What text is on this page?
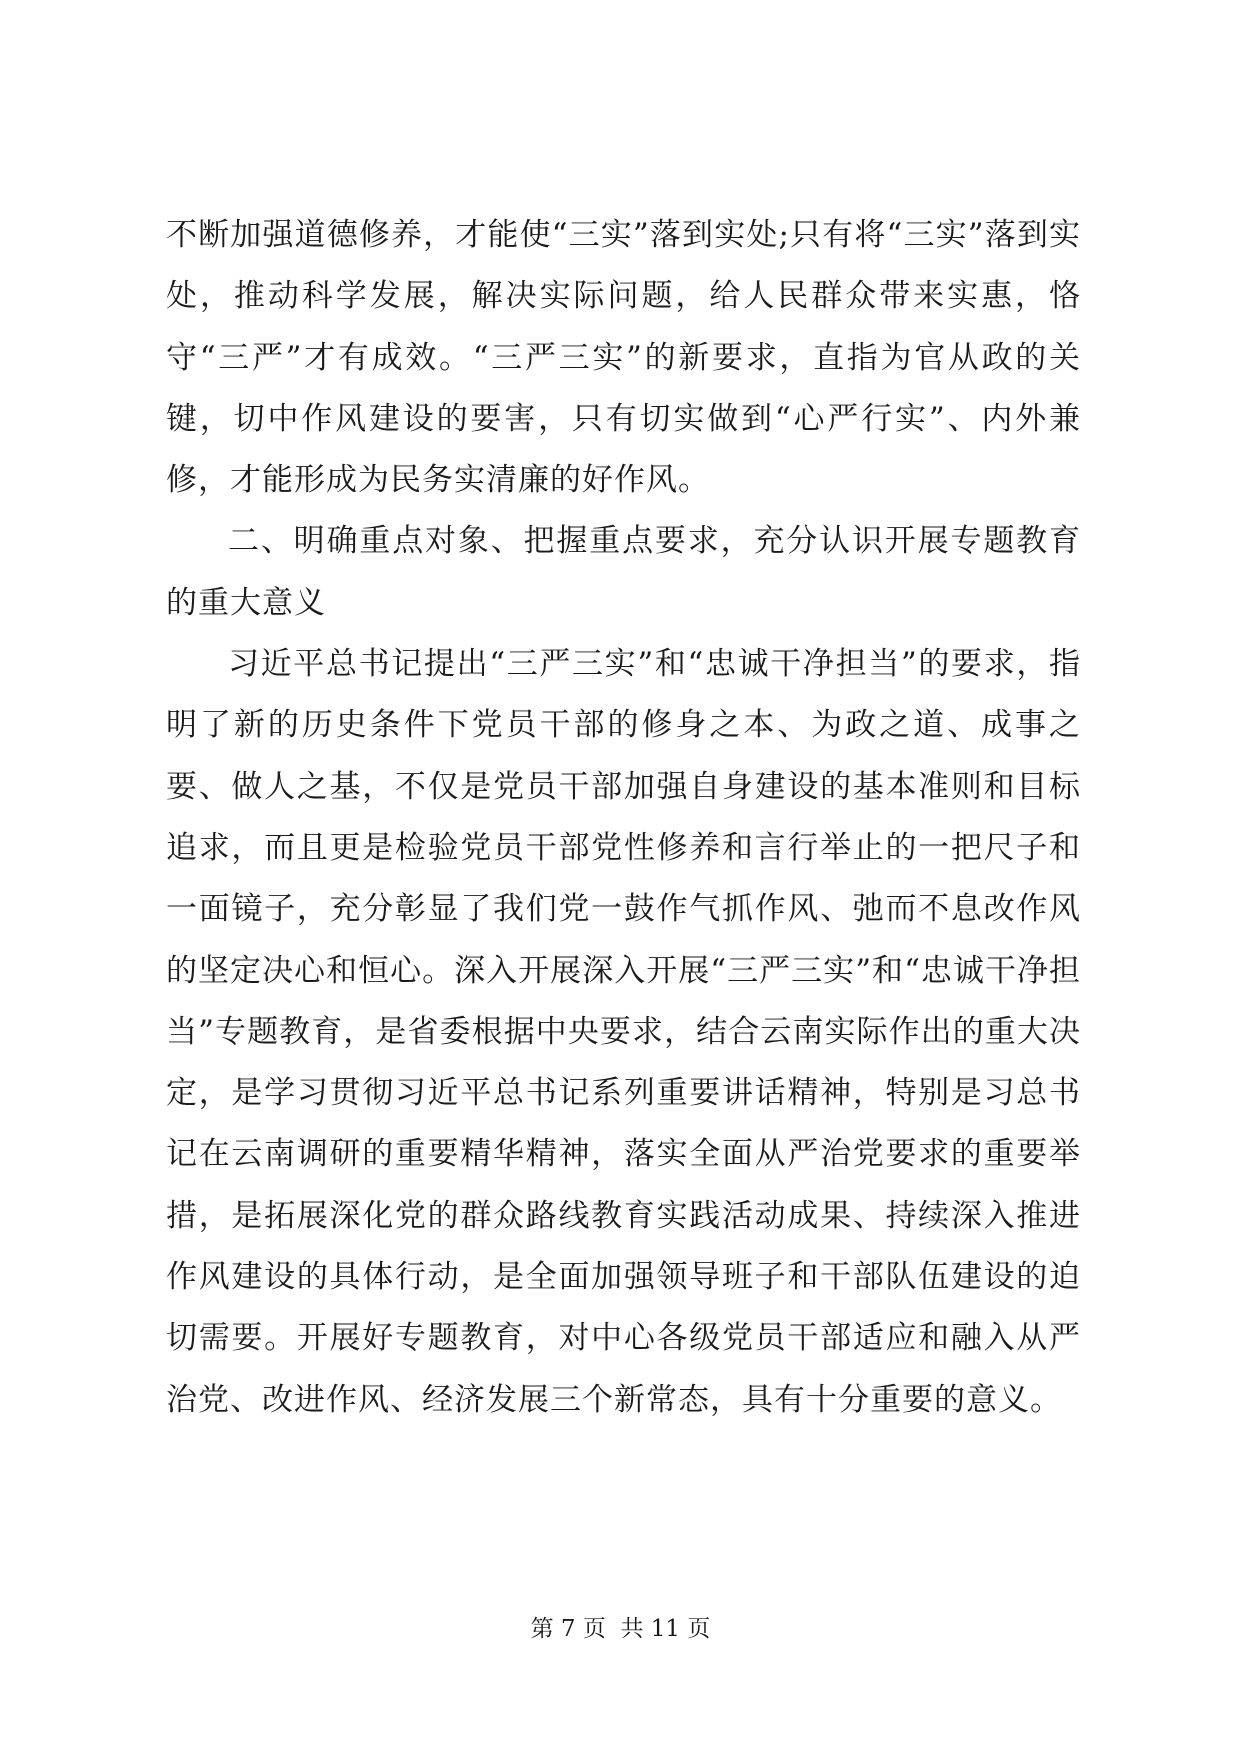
不断加强道德修养，才能使“三实”落到实处;只有将“三实”落到实处，推动科学发展，解决实际问题，给人民群众带来实惠，恪守“三严”才有成效。“三严三实”的新要求，直指为官从政的关键，切中作风建设的要害，只有切实做到“心严行实”、内外兼修，才能形成为民务实清廉的好作风。

二、明确重点对象、把握重点要求，充分认识开展专题教育的重大意义

习近平总书记提出“三严三实”和“忠诚干净担当”的要求，指明了新的历史条件下党员干部的修身之本、为政之道、成事之要、做人之基，不仅是党员干部加强自身建设的基本准则和目标追求，而且更是检验党员干部党性修养和言行举止的一把尺子和一面镜子，充分彰显了我们党一鼓作气抓作风、弛而不息改作风的坚定决心和恒心。深入开展深入开展“三严三实”和“忠诚干净担当”专题教育，是省委根据中央要求，结合云南实际作出的重大决定，是学习贯彻习近平总书记系列重要讲话精神，特别是习总书记在云南调研的重要精华精神，落实全面从严治党要求的重要举措，是拓展深化党的群众路线教育实践活动成果、持续深入推进作风建设的具体行动，是全面加强领导班子和干部队伍建设的迫切需要。开展好专题教育，对中心各级党员干部适应和融入从严治党、改进作风、经济发展三个新常态，具有十分重要的意义。

第 7 页  共 11 页
